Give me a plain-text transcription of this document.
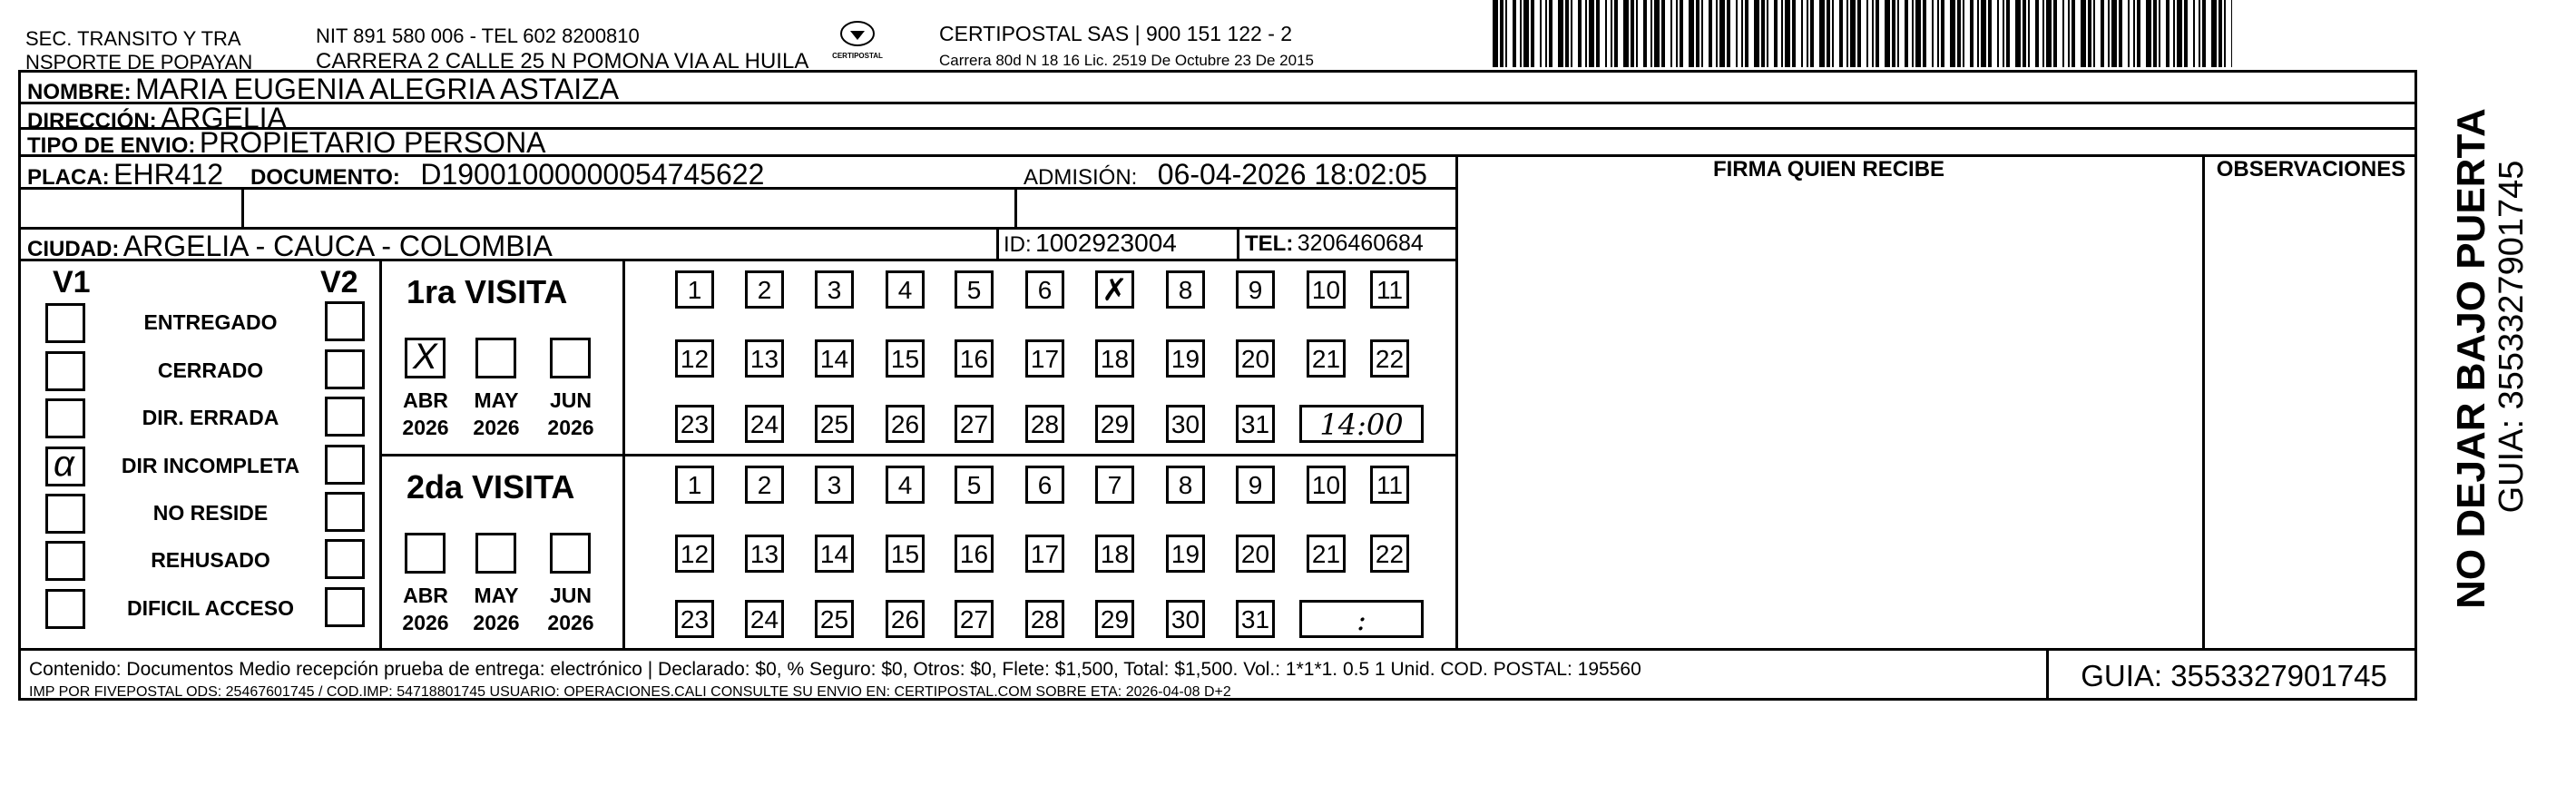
SEC. TRANSITO Y TRA
NSPORTE DE POPAYAN
NIT 891 580 006 - TEL 602 8200810
CARRERA 2 CALLE 25 N POMONA VIA AL HUILA	CERTIPOSTAL
CERTIPOSTAL SAS | 900 151 122 - 2
Carrera 80d N 18 16 Lic. 2519 De Octubre 23 De 2015
NOMBRE: MARIA EUGENIA ALEGRIA ASTAIZA
DIRECCIÓN: ARGELIA
TIPO DE ENVIO: PROPIETARIO PERSONA
PLACA: EHR412 DOCUMENTO: D19001000000054745622	ADMISIÓN: 06-04-2026 18:02:05
CIUDAD: ARGELIA - CAUCA - COLOMBIA	ID: 1002923004	TEL: 3206460684
FIRMA QUIEN RECIBE	OBSERVACIONES
V1	V2
ENTREGADO
CERRADO
DIR. ERRADA
α	DIR INCOMPLETA
NO RESIDE
REHUSADO
DIFICIL ACCESO
1ra VISITA
X
ABR
2026
MAY
2026
JUN
2026
1	2	3	4	5	6	✗	8	9	10 11
12 13 14 15 16 17 18 19 20 21 22
23 24 25 26 27 28 29 30 31	14:00
2da VISITA
ABR
2026
MAY
2026
JUN
2026
1	2	3	4	5	6	7	8	9	10 11
12 13 14 15 16 17 18 19 20 21 22
23 24 25 26 27 28 29 30 31	:
Contenido: Documentos Medio recepción prueba de entrega: electrónico | Declarado: $0, % Seguro: $0, Otros: $0, Flete: $1,500, Total: $1,500. Vol.: 1*1*1. 0.5 1 Unid. COD. POSTAL: 195560
IMP POR FIVEPOSTAL ODS: 25467601745 / COD.IMP: 54718801745 USUARIO: OPERACIONES.CALI CONSULTE SU ENVIO EN: CERTIPOSTAL.COM SOBRE ETA: 2026-04-08 D+2	GUIA: 3553327901745
NO DEJAR BAJO PUERTA GUIA: 3553327901745
